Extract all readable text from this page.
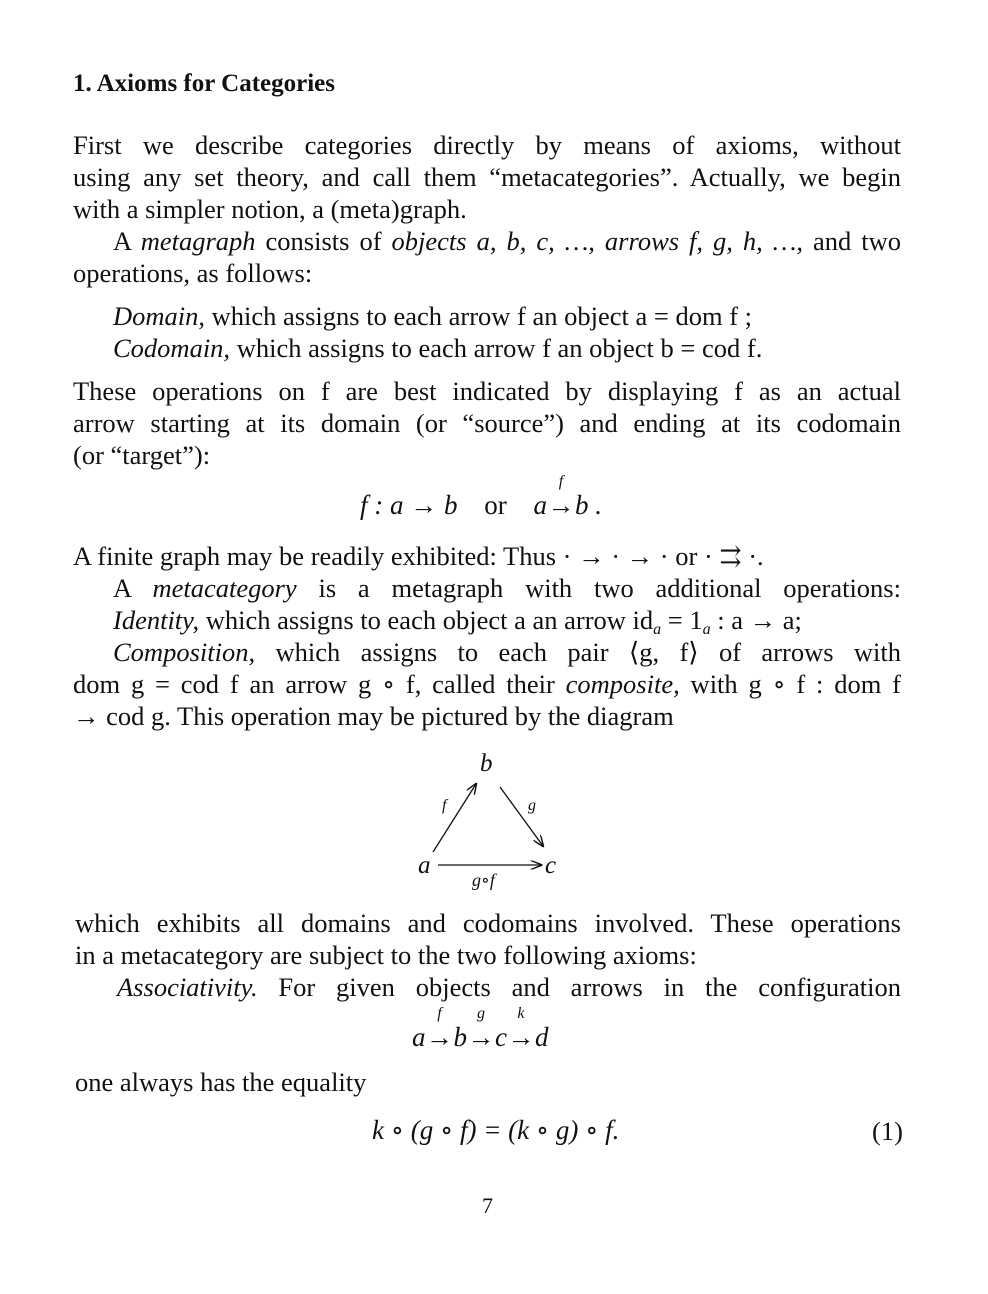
1. Axioms for Categories
First we describe categories directly by means of axioms, without
using any set theory, and call them “metacategories”. Actually, we begin
with a simpler notion, a (meta)graph.
A metagraph consists of objects a, b, c, …, arrows f, g, h, …, and two
operations, as follows:
Domain, which assigns to each arrow f an object a = dom f ;
Codomain, which assigns to each arrow f an object b = cod f.
These operations on f are best indicated by displaying f as an actual
arrow starting at its domain (or “source”) and ending at its codomain
(or “target”):
f : a → b or a
f
→b .
A finite graph may be readily exhibited: Thus · → · → · or · ⇉ ·.
A metacategory is a metagraph with two additional operations:
Identity, which assigns to each object a an arrow $id_a = 1_a$ : a → a;
Composition, which assigns to each pair ⟨g, f⟩ of arrows with
dom g = cod f an arrow g ∘ f, called their composite, with g ∘ f : dom f
→ cod g. This operation may be pictured by the diagram
b
f	g
a	c
g∘f
which exhibits all domains and codomains involved. These operations
in a metacategory are subject to the two following axioms:
Associativity. For given objects and arrows in the configuration
a
f
→b
g
→c
k
→d
one always has the equality
k ∘ (g ∘ f) = (k ∘ g) ∘ f.	(1)
7
